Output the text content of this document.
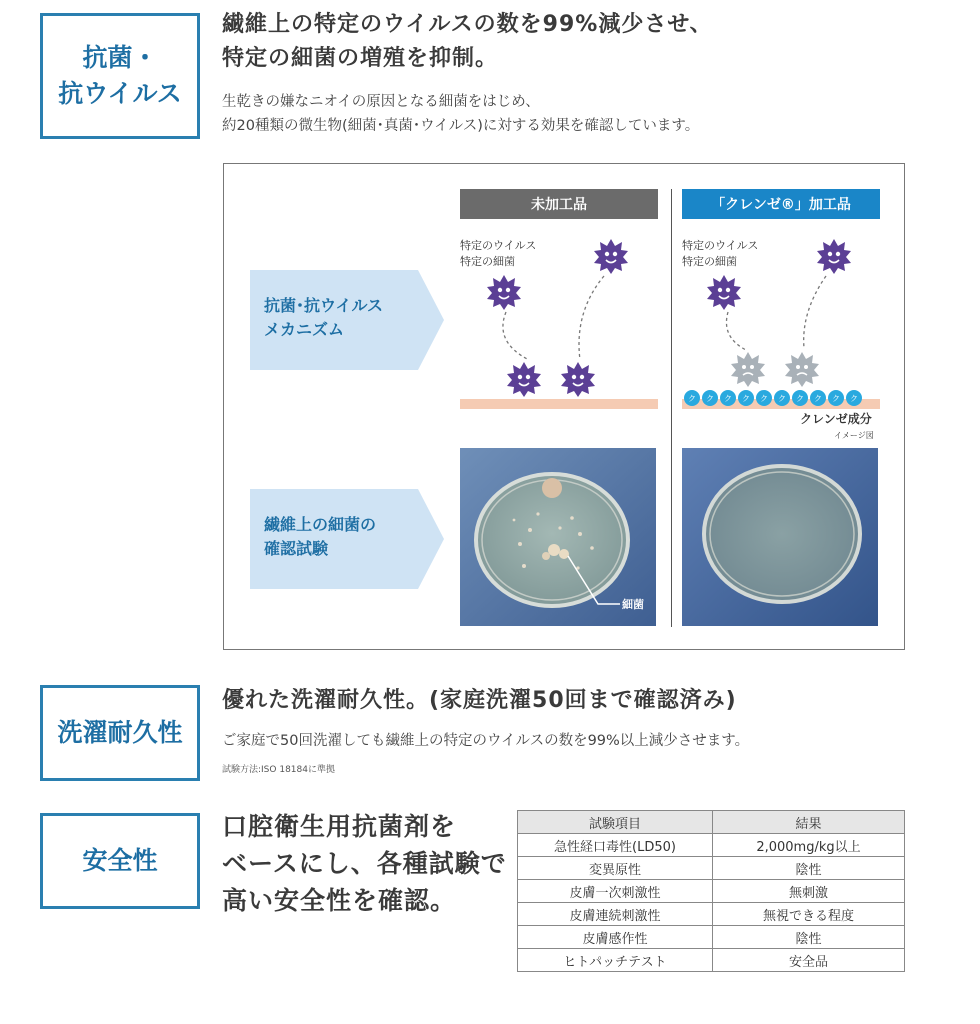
抗菌・
抗ウイルス
繊維上の特定のウイルスの数を99%減少させ、
特定の細菌の増殖を抑制。
生乾きの嫌なニオイの原因となる細菌をはじめ、
約20種類の微生物(細菌･真菌･ウイルス)に対する効果を確認しています。
未加工品	「クレンゼ®」加工品
抗菌･抗ウイルス
メカニズム
繊維上の細菌の
確認試験
特定のウイルス
特定の細菌
特定のウイルス
特定の細菌
ク	ク	ク	ク	ク	ク	ク	ク	ク	ク
クレンゼ成分
イメージ図
細菌
洗濯耐久性
優れた洗濯耐久性。(家庭洗濯50回まで確認済み)
ご家庭で50回洗濯しても繊維上の特定のウイルスの数を99%以上減少させます。
試験方法:ISO 18184に準拠
安全性
口腔衛生用抗菌剤を
ベースにし、各種試験で
高い安全性を確認。
試験項目	結果
急性経口毒性(LD50)	2,000mg/kg以上
変異原性	陰性
皮膚一次刺激性	無刺激
皮膚連続刺激性	無視できる程度
皮膚感作性	陰性
ヒトパッチテスト	安全品
